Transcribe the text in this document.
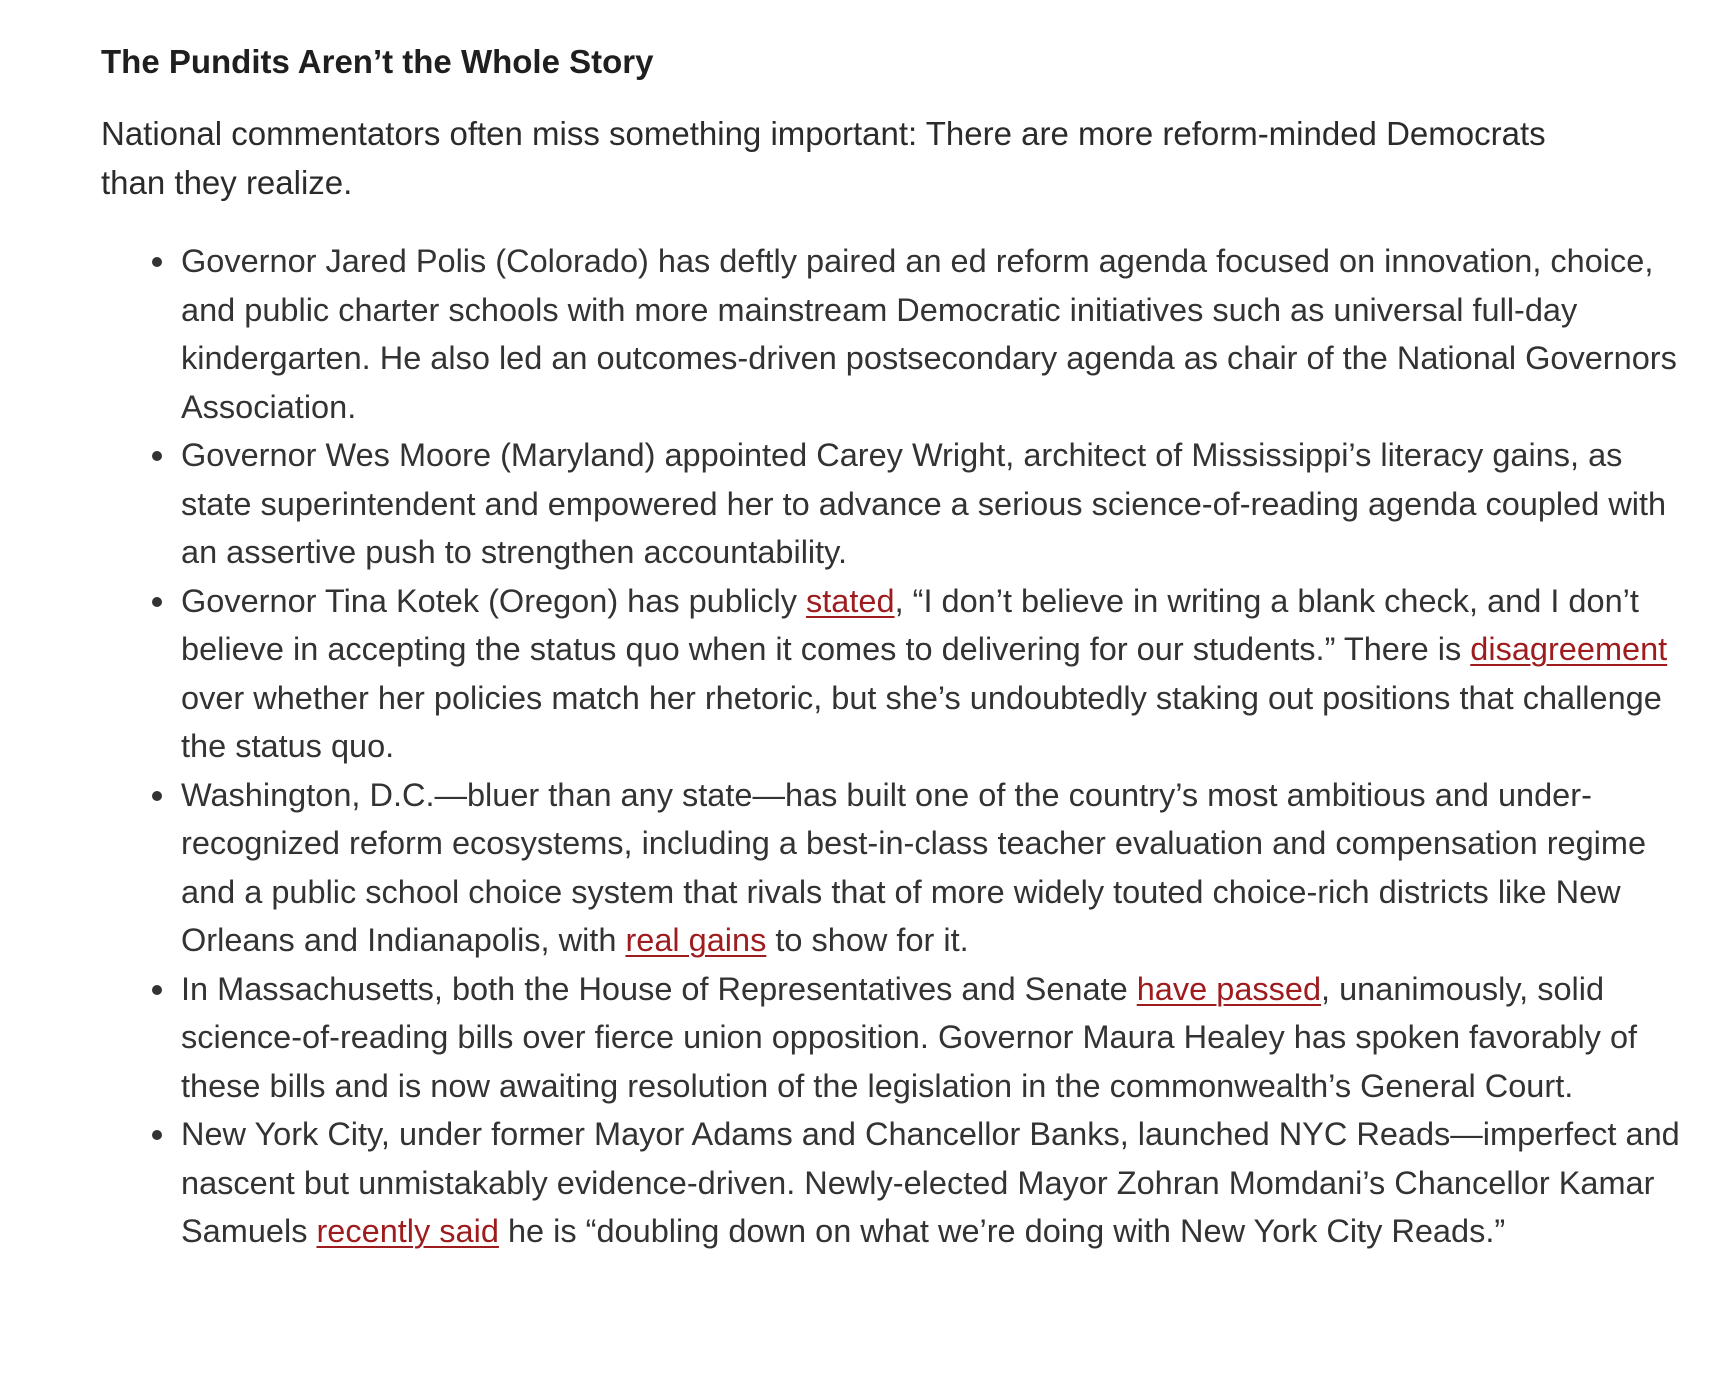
The Pundits Aren’t the Whole Story

National commentators often miss something important: There are more reform-minded Democrats than they realize.

Governor Jared Polis (Colorado) has deftly paired an ed reform agenda focused on innovation, choice, and public charter schools with more mainstream Democratic initiatives such as universal full-day kindergarten. He also led an outcomes-driven postsecondary agenda as chair of the National Governors Association.
Governor Wes Moore (Maryland) appointed Carey Wright, architect of Mississippi’s literacy gains, as state superintendent and empowered her to advance a serious science-of-reading agenda coupled with an assertive push to strengthen accountability.
Governor Tina Kotek (Oregon) has publicly stated, “I don’t believe in writing a blank check, and I don’t believe in accepting the status quo when it comes to delivering for our students.” There is disagreement over whether her policies match her rhetoric, but she’s undoubtedly staking out positions that challenge the status quo.
Washington, D.C.—bluer than any state—has built one of the country’s most ambitious and under-recognized reform ecosystems, including a best-in-class teacher evaluation and compensation regime and a public school choice system that rivals that of more widely touted choice-rich districts like New Orleans and Indianapolis, with real gains to show for it.
In Massachusetts, both the House of Representatives and Senate have passed, unanimously, solid science-of-reading bills over fierce union opposition. Governor Maura Healey has spoken favorably of these bills and is now awaiting resolution of the legislation in the commonwealth’s General Court.
New York City, under former Mayor Adams and Chancellor Banks, launched NYC Reads—imperfect and nascent but unmistakably evidence-driven. Newly-elected Mayor Zohran Momdani’s Chancellor Kamar Samuels recently said he is “doubling down on what we’re doing with New York City Reads.”
